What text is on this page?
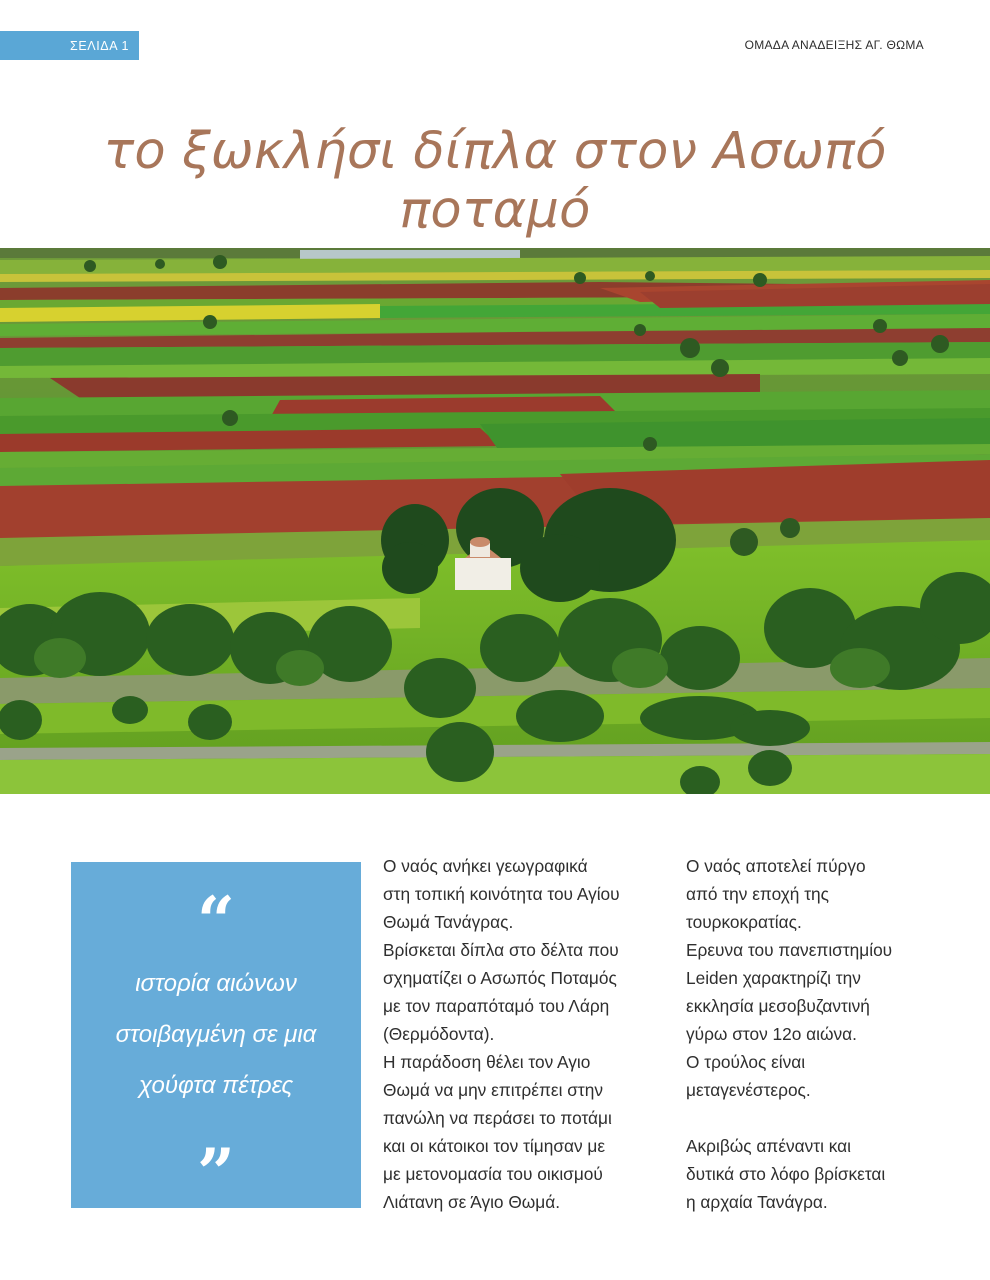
ΣΕΛΙΔΑ 1	ΟΜΑΔΑ ΑΝΑΔΕΙΞΗΣ ΑΓ. ΘΩΜΑ
το ξωκλήσι δίπλα στον Ασωπό ποταμό
“
ιστορία αιώνων
στοιβαγμένη σε μια
χούφτα πέτρες
”

Ο ναός ανήκει γεωγραφικά

στη τοπική κοινότητα του Αγίου

Θωμά Τανάγρας.

Βρίσκεται δίπλα στο δέλτα που

σχηματίζει ο Ασωπός Ποταμός

με τον παραπόταμό του Λάρη

(Θερμόδοντα).

Η παράδοση θέλει τον Αγιο

Θωμά να μην επιτρέπει στην

πανώλη να περάσει το ποτάμι

και οι κάτοικοι τον τίμησαν με

με μετονομασία του οικισμού

Λιάτανη σε Άγιο Θωμά.

Ο ναός αποτελεί πύργο

από την εποχή της

τουρκοκρατίας.

Ερευνα του πανεπιστημίου

Leiden χαρακτηρίζι την

εκκλησία μεσοβυζαντινή

γύρω στον 12ο αιώνα.

Ο τρούλος είναι

μεταγενέστερος.

Ακριβώς απέναντι και

δυτικά στο λόφο βρίσκεται

η αρχαία Τανάγρα.
